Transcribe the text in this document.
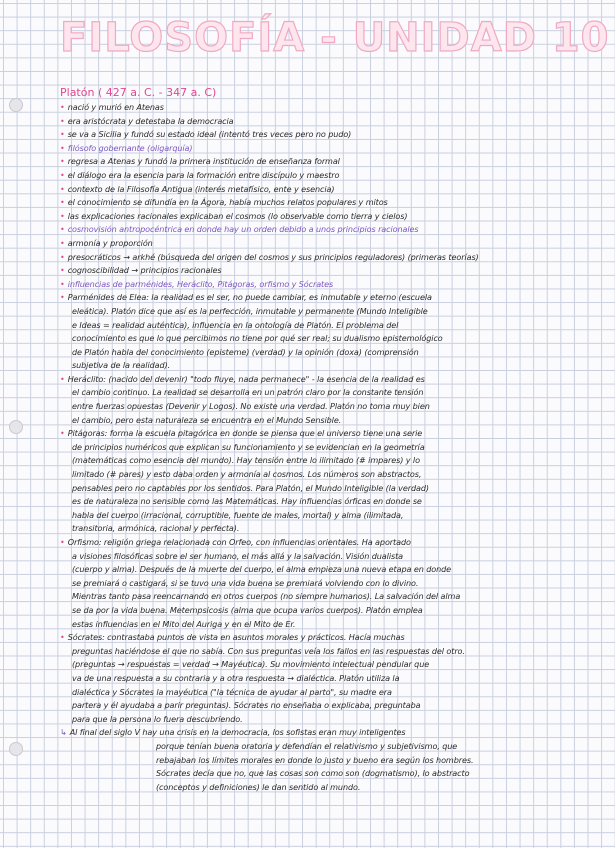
FILOSOFÍA - UNIDAD 10
Platón ( 427 a. C. - 347 a. C)
• nació y murió en Atenas
• era aristócrata y detestaba la democracia
• se va a Sicilia y fundó su estado ideal (intentó tres veces pero no pudo)
• filósofo gobernante (oligarquía)
• regresa a Atenas y fundó la primera institución de enseñanza formal
• el diálogo era la esencia para la formación entre discípulo y maestro
• contexto de la Filosofía Antigua (interés metafísico, ente y esencia)
• el conocimiento se difundía en la Ágora, había muchos relatos populares y mitos
• las explicaciones racionales explicaban el cosmos (lo observable como tierra y cielos)
• cosmovisión antropocéntrica en donde hay un orden debido a unos principios racionales
• armonía y proporción
• presocráticos → arkhé (búsqueda del origen del cosmos y sus principios reguladores) (primeras teorías)
• cognoscibilidad → principios racionales
• influencias de parménides, Heráclito, Pitágoras, orfismo y Sócrates
• Parménides de Elea: la realidad es el ser, no puede cambiar, es inmutable y eterno (escuela
eleática). Platón dice que así es la perfección, inmutable y permanente (Mundo Inteligible
e Ideas = realidad auténtica), influencia en la ontología de Platón. El problema del
conocimiento es que lo que percibimos no tiene por qué ser real; su dualismo epistemológico
de Platón habla del conocimiento (episteme) (verdad) y la opinión (doxa) (comprensión
subjetiva de la realidad).
• Heráclito: (nacido del devenir) "todo fluye, nada permanece" - la esencia de la realidad es
el cambio continuo. La realidad se desarrolla en un patrón claro por la constante tensión
entre fuerzas opuestas (Devenir y Logos). No existe una verdad. Platón no toma muy bien
el cambio, pero esta naturaleza se encuentra en el Mundo Sensible.
• Pitágoras: forma la escuela pitagórica en donde se piensa que el universo tiene una serie
de principios numéricos que explican su funcionamiento y se evidencian en la geometría
(matemáticas como esencia del mundo). Hay tensión entre lo ilimitado (# impares) y lo
limitado (# pares) y esto daba orden y armonía al cosmos. Los números son abstractos,
pensables pero no captables por los sentidos. Para Platón, el Mundo Inteligible (la verdad)
es de naturaleza no sensible como las Matemáticas. Hay influencias órficas en donde se
habla del cuerpo (irracional, corruptible, fuente de males, mortal) y alma (ilimitada,
transitoria, armónica, racional y perfecta).
• Orfismo: religión griega relacionada con Orfeo, con influencias orientales. Ha aportado
a visiones filosóficas sobre el ser humano, el más allá y la salvación. Visión dualista
(cuerpo y alma). Después de la muerte del cuerpo, el alma empieza una nueva etapa en donde
se premiará o castigará, si se tuvo una vida buena se premiará volviendo con lo divino.
Mientras tanto pasa reencarnando en otros cuerpos (no siempre humanos). La salvación del alma
se da por la vida buena. Metempsicosis (alma que ocupa varios cuerpos). Platón emplea
estas influencias en el Mito del Auriga y en el Mito de Er.
• Sócrates: contrastaba puntos de vista en asuntos morales y prácticos. Hacía muchas
preguntas haciéndose el que no sabía. Con sus preguntas veía los fallos en las respuestas del otro.
(preguntas → respuestas = verdad → Mayéutica). Su movimiento intelectual pendular que
va de una respuesta a su contraria y a otra respuesta → dialéctica. Platón utiliza la
dialéctica y Sócrates la mayéutica ("la técnica de ayudar al parto", su madre era
partera y él ayudaba a parir preguntas). Sócrates no enseñaba o explicaba, preguntaba
para que la persona lo fuera descubriendo.
↳ Al final del siglo V hay una crisis en la democracia, los sofistas eran muy inteligentes
porque tenían buena oratoria y defendían el relativismo y subjetivismo, que
rebajaban los límites morales en donde lo justo y bueno era según los hombres.
Sócrates decía que no, que las cosas son como son (dogmatismo), lo abstracto
(conceptos y definiciones) le dan sentido al mundo.
